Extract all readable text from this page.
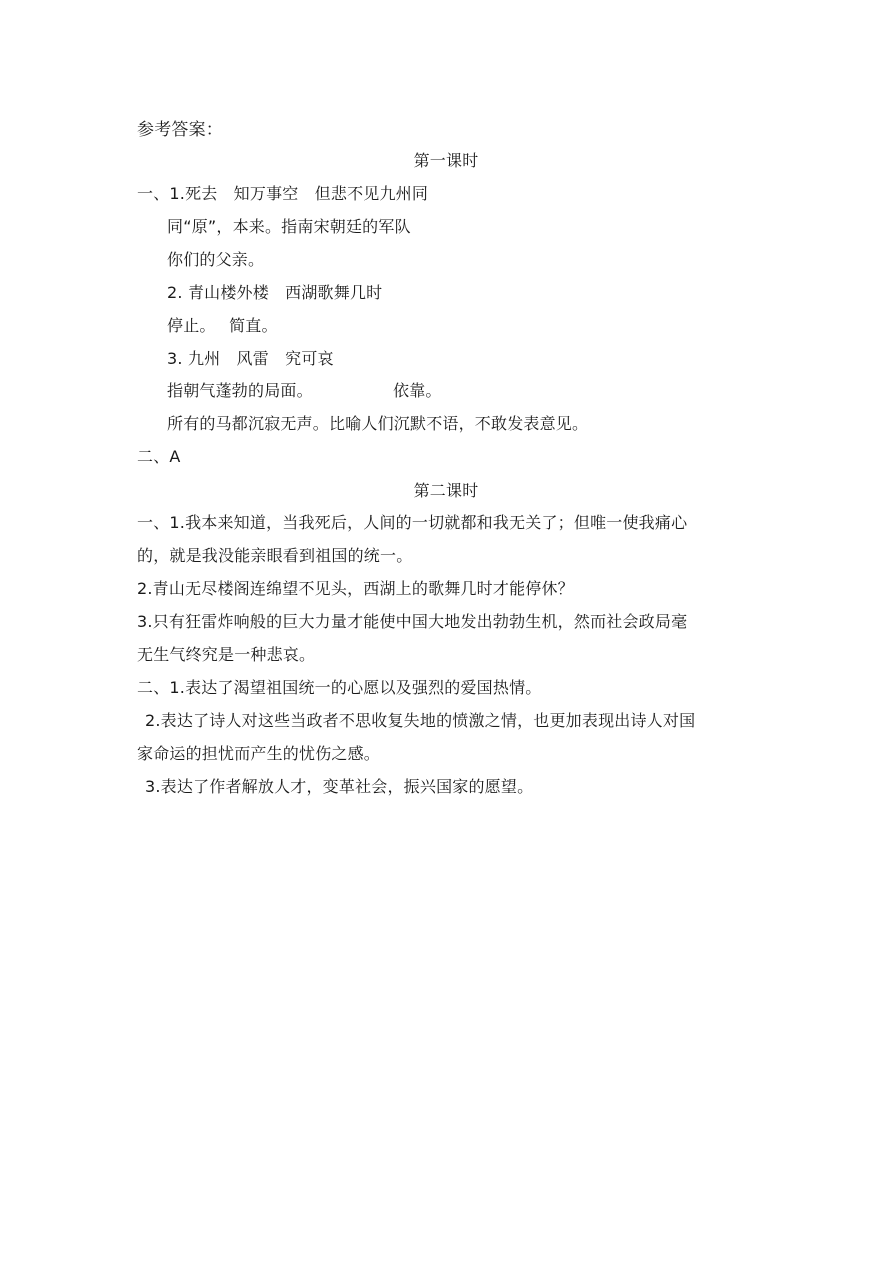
参考答案：
第一课时
一、1.死去　知万事空　但悲不见九州同
同“原”，本来。指南宋朝廷的军队
你们的父亲。
2. 青山楼外楼　西湖歌舞几时
停止。　 简直。
3. 九州　风雷　究可哀
指朝气蓬勃的局面。	依靠。
所有的马都沉寂无声。比喻人们沉默不语，不敢发表意见。
二、A
第二课时
一、1.我本来知道，当我死后，人间的一切就都和我无关了；但唯一使我痛心
的，就是我没能亲眼看到祖国的统一。
2.青山无尽楼阁连绵望不见头，西湖上的歌舞几时才能停休？
3.只有狂雷炸响般的巨大力量才能使中国大地发出勃勃生机，然而社会政局毫
无生气终究是一种悲哀。
二、1.表达了渴望祖国统一的心愿以及强烈的爱国热情。
2.表达了诗人对这些当政者不思收复失地的愤激之情，也更加表现出诗人对国
家命运的担忧而产生的忧伤之感。
3.表达了作者解放人才，变革社会，振兴国家的愿望。
